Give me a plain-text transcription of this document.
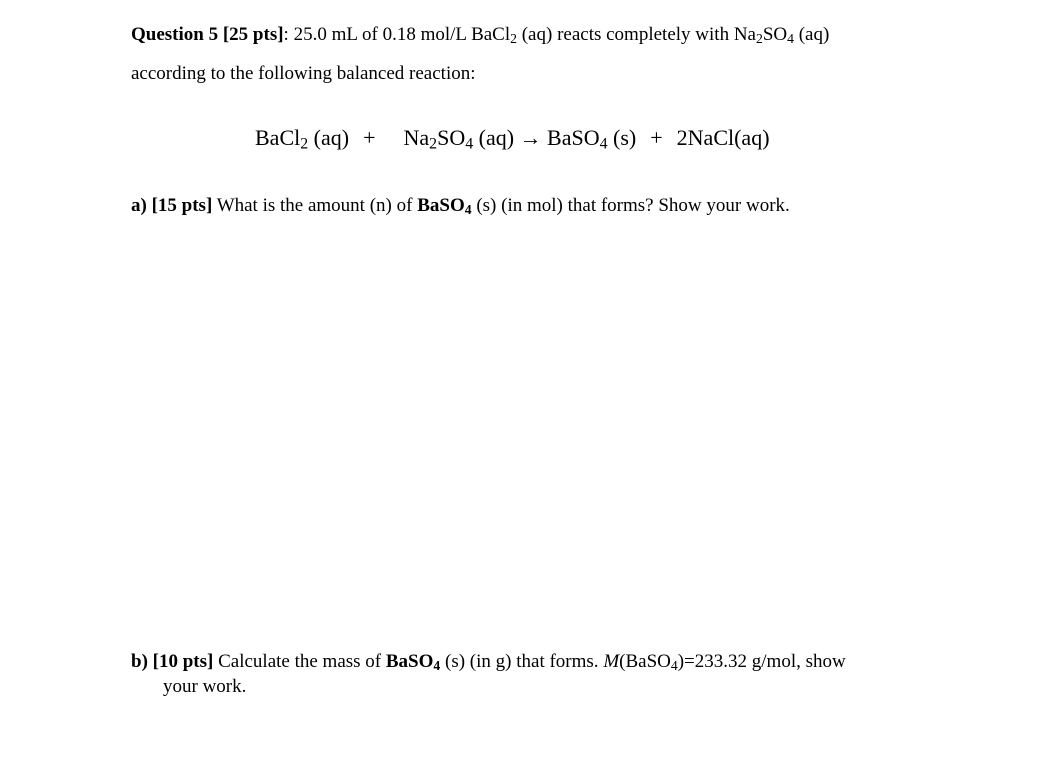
Question 5 [25 pts]: 25.0 mL of 0.18 mol/L BaCl$_2$ (aq) reacts completely with $Na_2SO_4$ (aq)
according to the following balanced reaction:
BaCl$_2$ $(aq) + Na_2SO_4$ (aq) → BaSO$_4$ (s) + 2NaCl(aq)
a) [15 pts] What is the amount (n) of BaSO$_4$ (s) (in mol) that forms? Show your work.
b) [10 pts] Calculate the mass of BaSO$_4$ (s) (in g) that forms. M(BaSO$_4$)=233.32 g/mol, show
your work.
